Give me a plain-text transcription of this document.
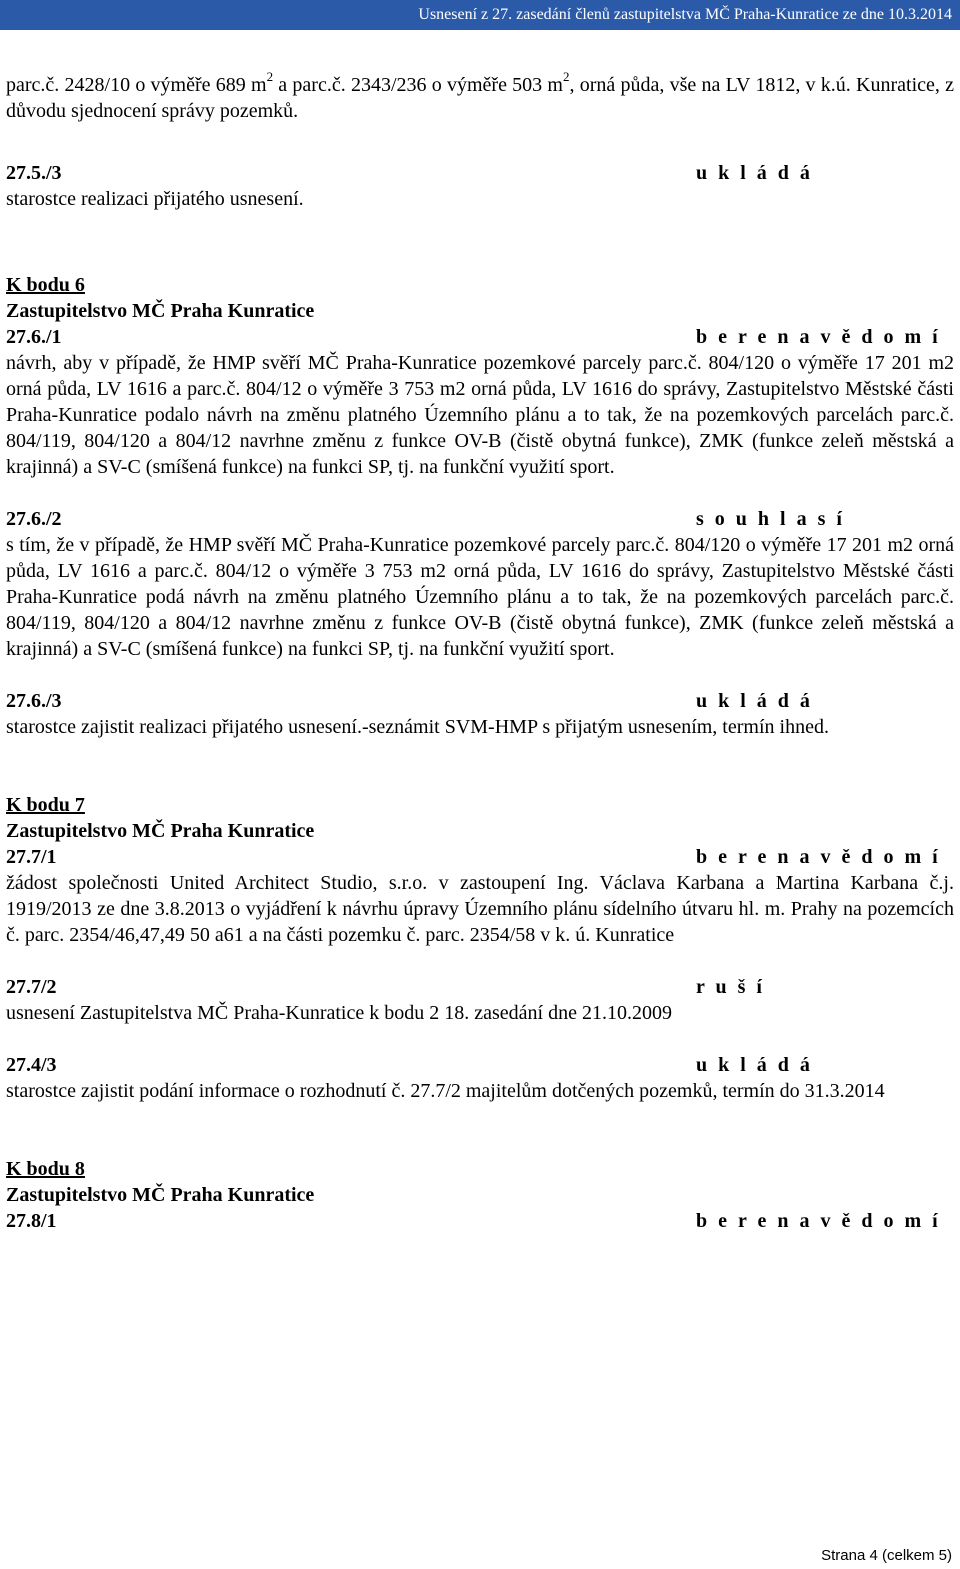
Usnesení z 27. zasedání členů zastupitelstva MČ Praha-Kunratice ze dne 10.3.2014
parc.č. 2428/10 o výměře 689 $m^2$ a parc.č. 2343/236 o výměře 503 $m^2$, orná půda, vše na LV 1812, v k.ú. Kunratice, z důvodu sjednocení správy pozemků.
27.5./3	u k l á d á
starostce realizaci přijatého usnesení.
K bodu 6
Zastupitelstvo MČ Praha Kunratice
27.6./1	b e r e n a v ě d o m í
návrh, aby v případě, že HMP svěří MČ Praha-Kunratice pozemkové parcely parc.č. 804/120 o výměře 17 201 m2 orná půda, LV 1616 a parc.č. 804/12 o výměře 3 753 m2 orná půda, LV 1616 do správy, Zastupitelstvo Městské části Praha-Kunratice podalo návrh na změnu platného Územního plánu a to tak, že na pozemkových parcelách parc.č. 804/119, 804/120 a 804/12 navrhne změnu z funkce OV-B (čistě obytná funkce), ZMK (funkce zeleň městská a krajinná) a SV-C (smíšená funkce) na funkci SP, tj. na funkční využití sport.
27.6./2	s o u h l a s í
s tím, že v případě, že HMP svěří MČ Praha-Kunratice pozemkové parcely parc.č. 804/120 o výměře 17 201 m2 orná půda, LV 1616 a parc.č. 804/12 o výměře 3 753 m2 orná půda, LV 1616 do správy, Zastupitelstvo Městské části Praha-Kunratice podá návrh na změnu platného Územního plánu a to tak, že na pozemkových parcelách parc.č. 804/119, 804/120 a 804/12 navrhne změnu z funkce OV-B (čistě obytná funkce), ZMK (funkce zeleň městská a krajinná) a SV-C (smíšená funkce) na funkci SP, tj. na funkční využití sport.
27.6./3	u k l á d á
starostce zajistit realizaci přijatého usnesení.-seznámit SVM-HMP s přijatým usnesením, termín ihned.
K bodu 7
Zastupitelstvo MČ Praha Kunratice
27.7/1	b e r e n a v ě d o m í
žádost společnosti United Architect Studio, s.r.o. v zastoupení Ing. Václava Karbana a Martina Karbana č.j. 1919/2013 ze dne 3.8.2013 o vyjádření k návrhu úpravy Územního plánu sídelního útvaru hl. m. Prahy na pozemcích č. parc. 2354/46,47,49 50 a61 a na části pozemku č. parc. 2354/58 v k. ú. Kunratice
27.7/2	r u š í
usnesení Zastupitelstva MČ Praha-Kunratice k bodu 2 18. zasedání dne 21.10.2009
27.4/3	u k l á d á
starostce zajistit podání informace o rozhodnutí č. 27.7/2 majitelům dotčených pozemků, termín do 31.3.2014
K bodu 8
Zastupitelstvo MČ Praha Kunratice
27.8/1	b e r e n a v ě d o m í
Strana 4 (celkem 5)
